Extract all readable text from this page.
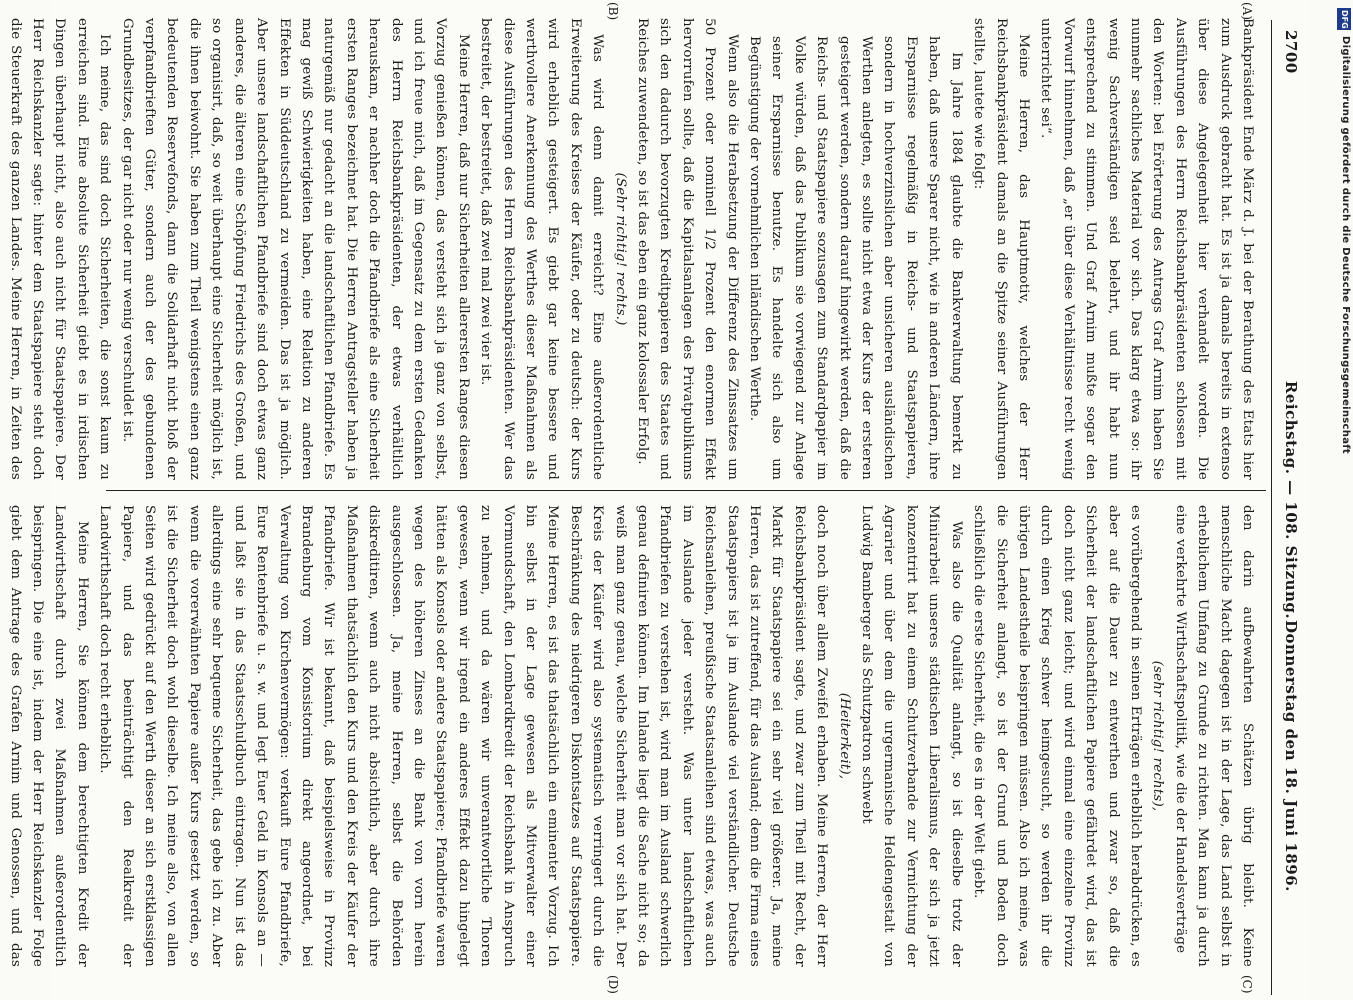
2700
Reichstag. — 108. Sitzung.
Donnerstag den 18. Juni 1896.
(A)
(B)
(C)
(D)

Bankpräsident Ende März d. J. bei der Berathung des Etats hier zum Ausdruck gebracht hat. Es ist ja damals bereits in extenso über diese Angelegenheit hier verhandelt worden. Die Ausführungen des Herrn Reichsbankpräsidenten schlossen mit den Worten: bei Erörterung des Antrags Graf Arnim haben Sie nunmehr sachliches Material vor sich. Das klarg etwa so: ihr wenig Sachverständigen seid belehrt, und ihr habt nun entsprechend zu stimmen. Und Graf Arnim mußte sogar den Vorwurf hinnehmen, daß „er über diese Verhältnisse recht wenig unterrichtet sei“.

Meine Herren, das Hauptmotiv, welches der Herr Reichsbankpräsident damals an die Spitze seiner Ausführungen stellte, lautete wie folgt:

Im Jahre 1884 glaubte die Bankverwaltung bemerkt zu haben, daß unsere Sparer nicht, wie in anderen Ländern, ihre Ersparnisse regelmäßig in Reichs- und Staatspapieren, sondern in hochverzinslichen aber unsicheren ausländischen Werthen anlegten, es sollte nicht etwa der Kurs der ersteren gesteigert werden, sondern darauf hingewirkt werden, daß die Reichs- und Staatspapiere sozusagen zum Standardpapier im Volke würden, daß das Publikum sie vorwiegend zur Anlage seiner Ersparnisse benutze. Es handelte sich also um Begünstigung der vornehmlichen inländischen Werthe.

Wenn also die Herabsetzung der Differenz des Zinssatzes um 50 Prozent oder nominell 1/2 Prozent den enormen Effekt hervorrufen sollte, daß die Kapitalsanlagen des Privatpublikums sich den dadurch bevorzugten Kreditpapieren des Staates und Reiches zuwendeten, so ist das eben ein ganz kolossaler Erfolg.

(Sehr richtig! rechts.)

Was wird denn damit erreicht? Eine außerordentliche Erweiterung des Kreises der Käufer, oder zu deutsch: der Kurs wird erheblich gesteigert. Es giebt gar keine bessere und werthvollere Anerkennung des Werthes dieser Maßnahmen als diese Ausführungen des Herrn Reichsbankpräsidenten. Wer das bestreitet, der bestreitet, daß zwei mal zwei vier ist.

Meine Herren, daß nur Sicherheiten allerersten Ranges diesen Vorzug genießen können, das versteht sich ja ganz von selbst, und ich freue mich, daß im Gegensatz zu dem ersten Gedanken des Herrn Reichsbankpräsidenten, der etwas verhältlich herauskam, er nachher doch die Pfandbriefe als eine Sicherheit ersten Ranges bezeichnet hat. Die Herren Antragsteller haben ja naturgemäß nur gedacht an die landschaftlichen Pfandbriefe. Es mag gewiß Schwierigkeiten haben, eine Relation zu anderen Effekten in Süddeutschland zu vermeiden. Das ist ja möglich. Aber unsere landschaftlichen Pfandbriefe sind doch etwas ganz anderes, die älteren eine Schöpfung Friedrichs des Großen, und so organisirt, daß, so weit überhaupt eine Sicherheit möglich ist, die ihnen beiwohnt. Sie haben zum Theil wenigstens einen ganz bedeutenden Reservefonds, dann die Solidarhaft nicht bloß der verpfandbrieften Güter, sondern auch der des gebundenen Grundbesitzes, der gar nicht oder nur wenig verschuldet ist.

Ich meine, das sind doch Sicherheiten, die sonst kaum zu erreichen sind. Eine absolute Sicherheit giebt es in irdischen Dingen überhaupt nicht, also auch nicht für Staatspapiere. Der Herr Reichskanzler sagte: hinter dem Staatspapiere steht doch die Steuerkraft des ganzen Landes. Meine Herren, in Zeiten des

den darin aufbewahrten Schätzen übrig bleibt. Keine menschliche Macht dagegen ist in der Lage, das Land selbst in erheblichem Umfang zu Grunde zu richten. Man kann ja durch eine verkehrte Wirthschaftspolitik, wie die der Handelsverträge

(sehr richtig! rechts),

es vorübergehend in seinen Erträgen erheblich herabdrücken, es aber auf die Dauer zu entwerthen und zwar so, daß die Sicherheit der landschaftlichen Papiere gefährdet wird, das ist doch nicht ganz leicht; und wird einmal eine einzelne Provinz durch einen Krieg schwer heimgesucht, so werden ihr die übrigen Landestheile beispringen müssen. Also ich meine, was die Sicherheit anlangt, so ist der Grund und Boden doch schließlich die erste Sicherheit, die es in der Welt giebt.

Was also die Qualität anlangt, so ist dieselbe trotz der Minirarbeit unseres städtischen Liberalismus, der sich ja jetzt konzentrirt hat zu einem Schutzverbande zur Vernichtung der Agrarier und über dem die urgermanische Heldengestalt von Ludwig Bamberger als Schutzpatron schwebt

(Heiterkeit),

doch noch über allem Zweifel erhaben. Meine Herren, der Herr Reichsbankpräsident sagte, und zwar zum Theil mit Recht, der Markt für Staatspapiere sei ein sehr viel größerer. Ja, meine Herren, das ist zutreffend, für das Ausland; denn die Firma eines Staatspapiers ist ja im Auslande viel verständlicher. Deutsche Reichsanleihen, preußische Staatsanleihen sind etwas, was auch im Auslande jeder versteht. Was unter landschaftlichen Pfandbriefen zu verstehen ist, wird man im Ausland schwerlich genau definiren können. Im Inlande liegt die Sache nicht so; da weiß man ganz genau, welche Sicherheit man vor sich hat. Der Kreis der Käufer wird also systematisch verringert durch die Beschränkung des niedrigeren Diskontsatzes auf Staatspapiere. Meine Herren, es ist das thatsächlich ein eminenter Vorzug. Ich bin selbst in der Lage gewesen als Mitverwalter einer Vormundschaft, den Lombardkredit der Reichsbank in Anspruch zu nehmen, und da wären wir unverantwortliche Thoren gewesen, wenn wir irgend ein anderes Effekt dazu hingelegt hätten als Konsols oder andere Staatspapiere; Pfandbriefe waren wegen des höheren Zinses an die Bank von vorn herein ausgeschlossen. Ja, meine Herren, selbst die Behörden diskreditiren, wenn auch nicht absichtlich, aber durch ihre Maßnahmen thatsächlich den Kurs und den Kreis der Käufer der Pfandbriefe. Wir ist bekannt, daß beispielsweise in Provinz Brandenburg vom Konsistorium direkt angeordnet, bei Verwaltung von Kirchenvermögen: verkauft Eure Pfandbriefe, Eure Rentenbriefe u. s. w. und legt Euer Geld in Konsols an — und laßt sie in das Staatsschuldbuch eintragen. Nun ist das allerdings eine sehr bequeme Sicherheit, das gebe ich zu. Aber wenn die vorerwähnten Papiere außer Kurs gesetzt werden, so ist die Sicherheit doch wohl dieselbe. Ich meine also, von allen Seiten wird gedrückt auf den Werth dieser an sich erstklassigen Papiere, und das beeinträchtigt den Realkredit der Landwirthschaft doch recht erheblich.

Meine Herren, Sie können dem berechtigten Kredit der Landwirthschaft durch zwei Maßnahmen außerordentlich beispringen. Die eine ist, indem der Herr Reichskanzler Folge giebt dem Antrage des Grafen Arnim und Genossen, und das

DFG
Digitalisierung gefördert durch die Deutsche Forschungsgemeinschaft
